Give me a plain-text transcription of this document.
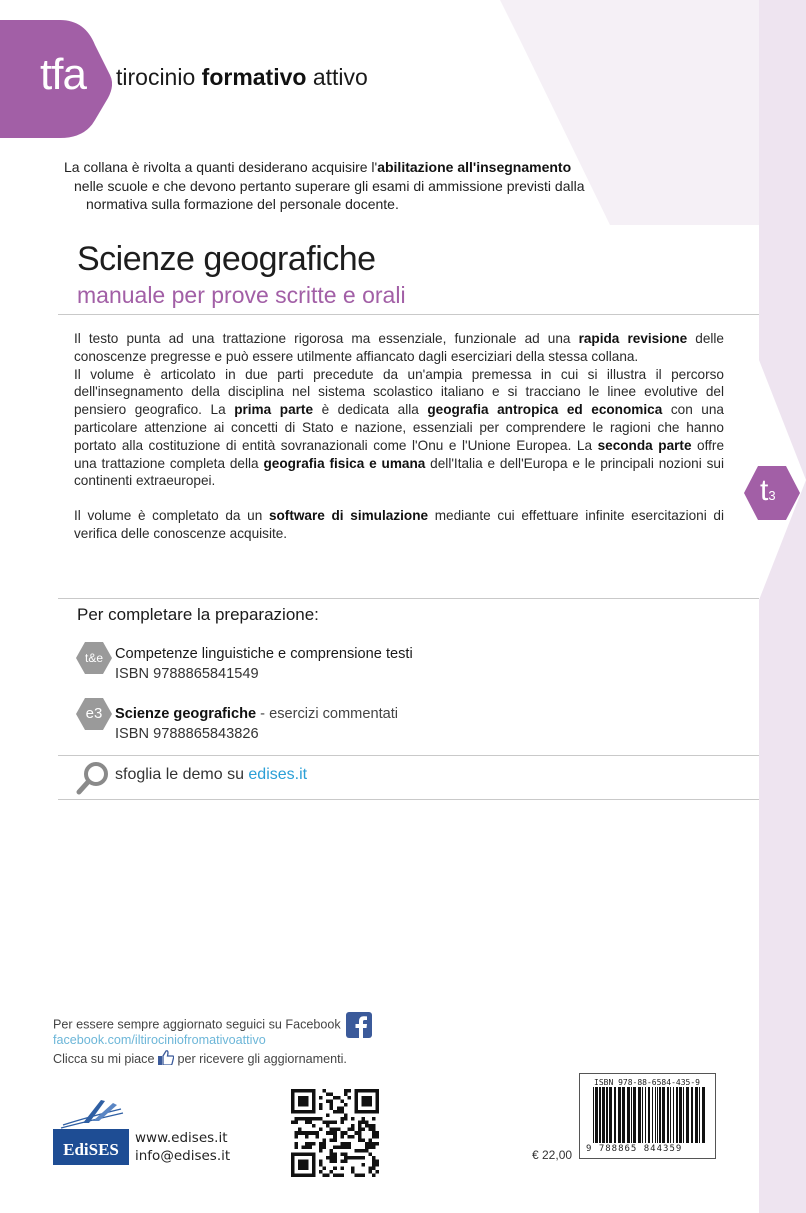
tfa tirocinio formativo attivo
La collana è rivolta a quanti desiderano acquisire l'abilitazione all'insegnamento
nelle scuole e che devono pertanto superare gli esami di ammissione previsti dalla
normativa sulla formazione del personale docente.
Scienze geografiche
manuale per prove scritte e orali

Il testo punta ad una trattazione rigorosa ma essenziale, funzionale ad una rapida revisione delle conoscenze pregresse e può essere utilmente affiancato dagli eserciziari della stessa collana.

Il volume è articolato in due parti precedute da un'ampia premessa in cui si illustra il percorso dell'insegnamento della disciplina nel sistema scolastico italiano e si tracciano le linee evolutive del pensiero geografico. La prima parte è dedicata alla geografia antropica ed economica con una particolare attenzione ai concetti di Stato e nazione, essenziali per comprendere le ragioni che hanno portato alla costituzione di entità sovranazionali come l'Onu e l'Unione Europea. La seconda parte offre una trattazione completa della geografia fisica e umana dell'Italia e dell'Europa e le principali nozioni sui continenti extraeuropei.

Il volume è completato da un software di simulazione mediante cui effettuare infinite esercitazioni di verifica delle conoscenze acquisite.

t3
Per completare la preparazione:
t&e Competenze linguistiche e comprensione testi
ISBN 9788865841549
e3 Scienze geografiche - esercizi commentati
ISBN 9788865843826
sfoglia le demo su edises.it
Per essere sempre aggiornato seguici su Facebook
facebook.com/iltirociniofromativoattivo
Clicca su mi piace per ricevere gli aggiornamenti.
EdiSES
www.edises.it
info@edises.it	€ 22,00
ISBN 978-88-6584-435-9
9 788865 844359
